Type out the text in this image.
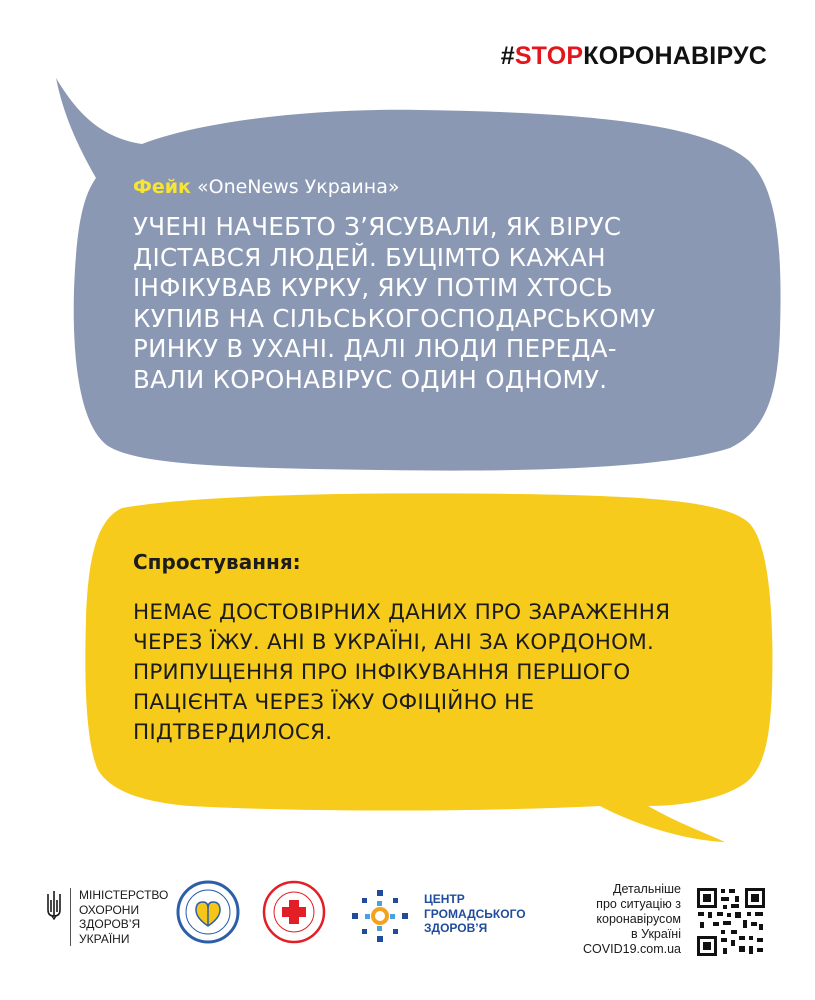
#STOPКОРОНАВІРУС
Фейк «OneNews Украина»
УЧЕНІ НАЧЕБТО З’ЯСУВАЛИ, ЯК ВІРУС
ДІСТАВСЯ ЛЮДЕЙ. БУЦІМТО КАЖАН
ІНФІКУВАВ КУРКУ, ЯКУ ПОТІМ ХТОСЬ
КУПИВ НА СІЛЬСЬКОГОСПОДАРСЬКОМУ
РИНКУ В УХАНІ. ДАЛІ ЛЮДИ ПЕРЕДА-
ВАЛИ КОРОНАВІРУС ОДИН ОДНОМУ.
Спростування:
НЕМАЄ ДОСТОВІРНИХ ДАНИХ ПРО ЗАРАЖЕННЯ
ЧЕРЕЗ ЇЖУ. АНІ В УКРАЇНІ, АНІ ЗА КОРДОНОМ.
ПРИПУЩЕННЯ ПРО ІНФІКУВАННЯ ПЕРШОГО
ПАЦІЄНТА ЧЕРЕЗ ЇЖУ ОФІЦІЙНО НЕ
ПІДТВЕРДИЛОСЯ.
МІНІСТЕРСТВО
ОХОРОНИ
ЗДОРОВ’Я
УКРАЇНИ
ЦЕНТР
ГРОМАДСЬКОГО
ЗДОРОВ’Я
Детальніше
про ситуацію з
коронавірусом
в Україні
COVID19.com.ua
